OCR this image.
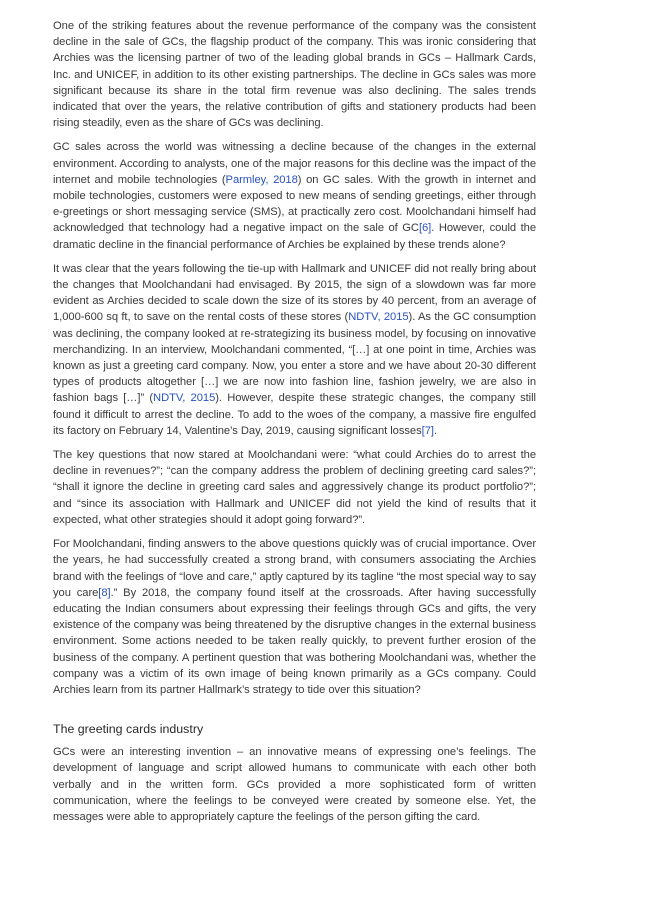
One of the striking features about the revenue performance of the company was the consistent decline in the sale of GCs, the flagship product of the company. This was ironic considering that Archies was the licensing partner of two of the leading global brands in GCs – Hallmark Cards, Inc. and UNICEF, in addition to its other existing partnerships. The decline in GCs sales was more significant because its share in the total firm revenue was also declining. The sales trends indicated that over the years, the relative contribution of gifts and stationery products had been rising steadily, even as the share of GCs was declining.

GC sales across the world was witnessing a decline because of the changes in the external environment. According to analysts, one of the major reasons for this decline was the impact of the internet and mobile technologies (Parmley, 2018) on GC sales. With the growth in internet and mobile technologies, customers were exposed to new means of sending greetings, either through e-greetings or short messaging service (SMS), at practically zero cost. Moolchandani himself had acknowledged that technology had a negative impact on the sale of GC[6]. However, could the dramatic decline in the financial performance of Archies be explained by these trends alone?

It was clear that the years following the tie-up with Hallmark and UNICEF did not really bring about the changes that Moolchandani had envisaged. By 2015, the sign of a slowdown was far more evident as Archies decided to scale down the size of its stores by 40 percent, from an average of 1,000-600 sq ft, to save on the rental costs of these stores (NDTV, 2015). As the GC consumption was declining, the company looked at re-strategizing its business model, by focusing on innovative merchandizing. In an interview, Moolchandani commented, “[…] at one point in time, Archies was known as just a greeting card company. Now, you enter a store and we have about 20-30 different types of products altogether […] we are now into fashion line, fashion jewelry, we are also in fashion bags […]” (NDTV, 2015). However, despite these strategic changes, the company still found it difficult to arrest the decline. To add to the woes of the company, a massive fire engulfed its factory on February 14, Valentine’s Day, 2019, causing significant losses[7].

The key questions that now stared at Moolchandani were: “what could Archies do to arrest the decline in revenues?”; “can the company address the problem of declining greeting card sales?”; “shall it ignore the decline in greeting card sales and aggressively change its product portfolio?”; and “since its association with Hallmark and UNICEF did not yield the kind of results that it expected, what other strategies should it adopt going forward?”.

For Moolchandani, finding answers to the above questions quickly was of crucial importance. Over the years, he had successfully created a strong brand, with consumers associating the Archies brand with the feelings of “love and care,” aptly captured by its tagline “the most special way to say you care[8].” By 2018, the company found itself at the crossroads. After having successfully educating the Indian consumers about expressing their feelings through GCs and gifts, the very existence of the company was being threatened by the disruptive changes in the external business environment. Some actions needed to be taken really quickly, to prevent further erosion of the business of the company. A pertinent question that was bothering Moolchandani was, whether the company was a victim of its own image of being known primarily as a GCs company. Could Archies learn from its partner Hallmark’s strategy to tide over this situation?

The greeting cards industry

GCs were an interesting invention – an innovative means of expressing one’s feelings. The development of language and script allowed humans to communicate with each other both verbally and in the written form. GCs provided a more sophisticated form of written communication, where the feelings to be conveyed were created by someone else. Yet, the messages were able to appropriately capture the feelings of the person gifting the card.
